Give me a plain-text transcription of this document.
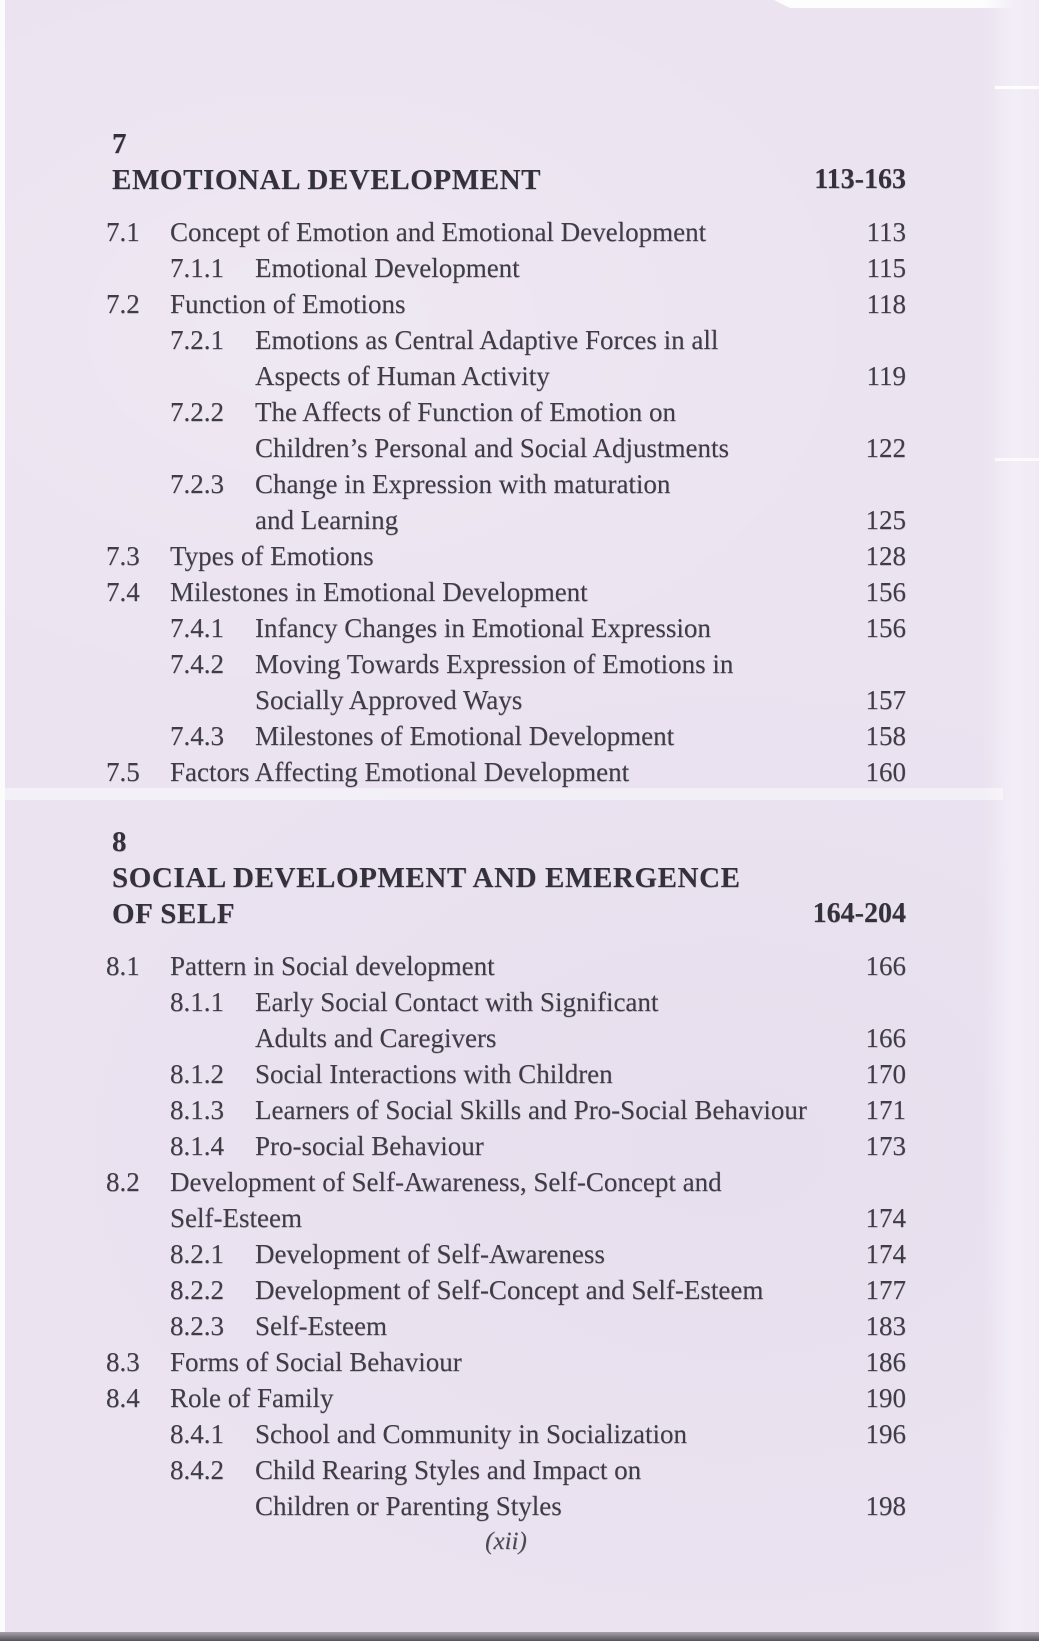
7
EMOTIONAL DEVELOPMENT	113-163
7.1	Concept of Emotion and Emotional Development	113
7.1.1	Emotional Development	115
7.2	Function of Emotions	118
7.2.1	Emotions as Central Adaptive Forces in all
Aspects of Human Activity	119
7.2.2	The Affects of Function of Emotion on
Children’s Personal and Social Adjustments	122
7.2.3	Change in Expression with maturation
and Learning	125
7.3	Types of Emotions	128
7.4	Milestones in Emotional Development	156
7.4.1	Infancy Changes in Emotional Expression	156
7.4.2	Moving Towards Expression of Emotions in
Socially Approved Ways	157
7.4.3	Milestones of Emotional Development	158
7.5	Factors Affecting Emotional Development	160
8
SOCIAL DEVELOPMENT AND EMERGENCE
OF SELF	164-204
8.1	Pattern in Social development	166
8.1.1	Early Social Contact with Significant
Adults and Caregivers	166
8.1.2	Social Interactions with Children	170
8.1.3	Learners of Social Skills and Pro-Social Behaviour	171
8.1.4	Pro-social Behaviour	173
8.2	Development of Self-Awareness, Self-Concept and
Self-Esteem	174
8.2.1	Development of Self-Awareness	174
8.2.2	Development of Self-Concept and Self-Esteem	177
8.2.3	Self-Esteem	183
8.3	Forms of Social Behaviour	186
8.4	Role of Family	190
8.4.1	School and Community in Socialization	196
8.4.2	Child Rearing Styles and Impact on
Children or Parenting Styles	198
(xii)
